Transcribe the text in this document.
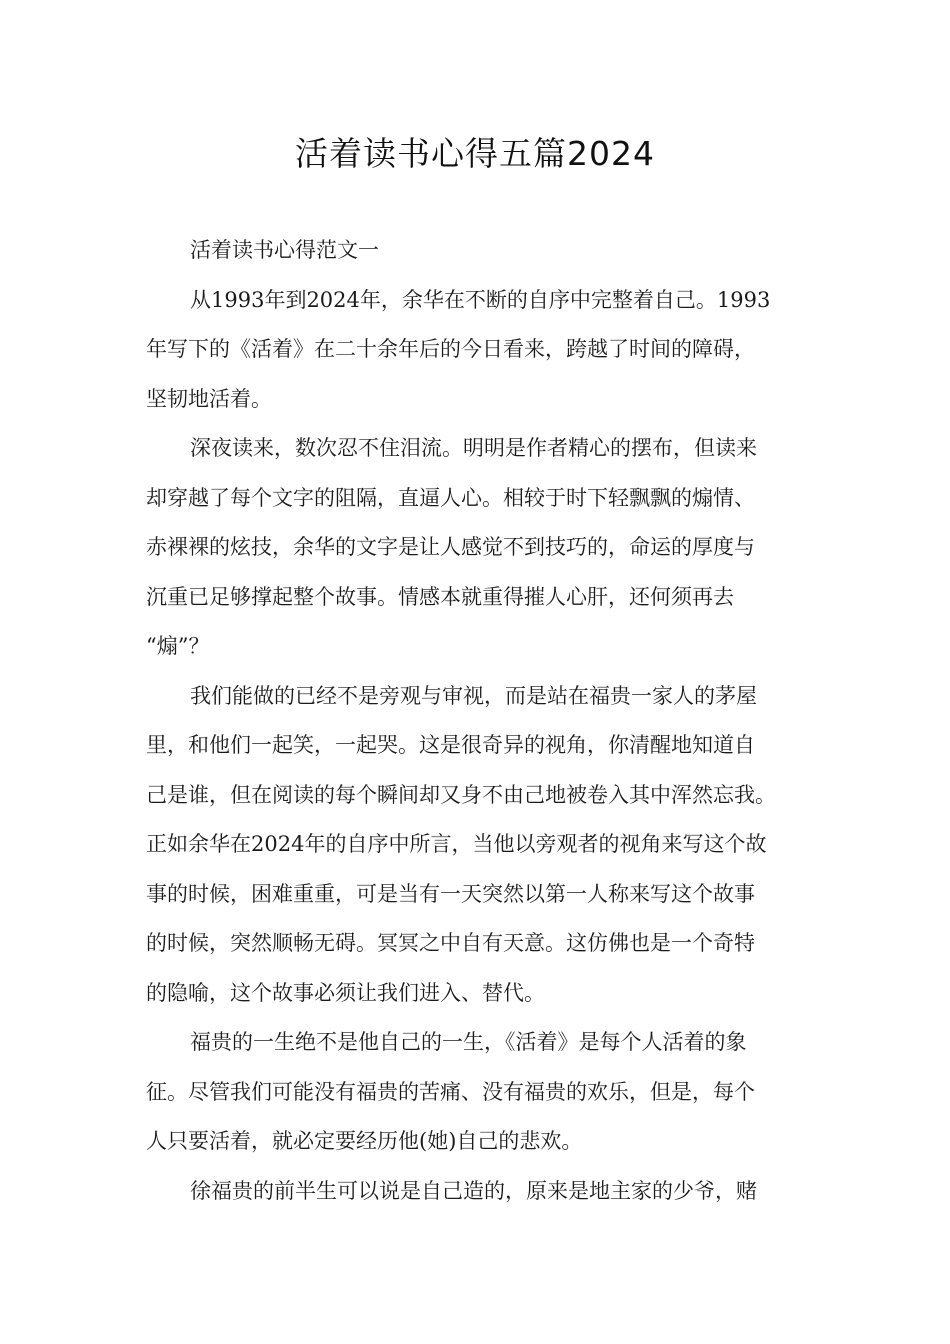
活着读书心得五篇2024
活着读书心得范文一
从1993年到2024年，余华在不断的自序中完整着自己。1993
年写下的《活着》在二十余年后的今日看来，跨越了时间的障碍，
坚韧地活着。
深夜读来，数次忍不住泪流。明明是作者精心的摆布，但读来
却穿越了每个文字的阻隔，直逼人心。相较于时下轻飘飘的煽情、
赤裸裸的炫技，余华的文字是让人感觉不到技巧的，命运的厚度与
沉重已足够撑起整个故事。情感本就重得摧人心肝，还何须再去
“煽”？
我们能做的已经不是旁观与审视，而是站在福贵一家人的茅屋
里，和他们一起笑，一起哭。这是很奇异的视角，你清醒地知道自
己是谁，但在阅读的每个瞬间却又身不由己地被卷入其中浑然忘我。
正如余华在2024年的自序中所言，当他以旁观者的视角来写这个故
事的时候，困难重重，可是当有一天突然以第一人称来写这个故事
的时候，突然顺畅无碍。冥冥之中自有天意。这仿佛也是一个奇特
的隐喻，这个故事必须让我们进入、替代。
福贵的一生绝不是他自己的一生，《活着》是每个人活着的象
征。尽管我们可能没有福贵的苦痛、没有福贵的欢乐，但是，每个
人只要活着，就必定要经历他(她)自己的悲欢。
徐福贵的前半生可以说是自己造的，原来是地主家的少爷，赌
